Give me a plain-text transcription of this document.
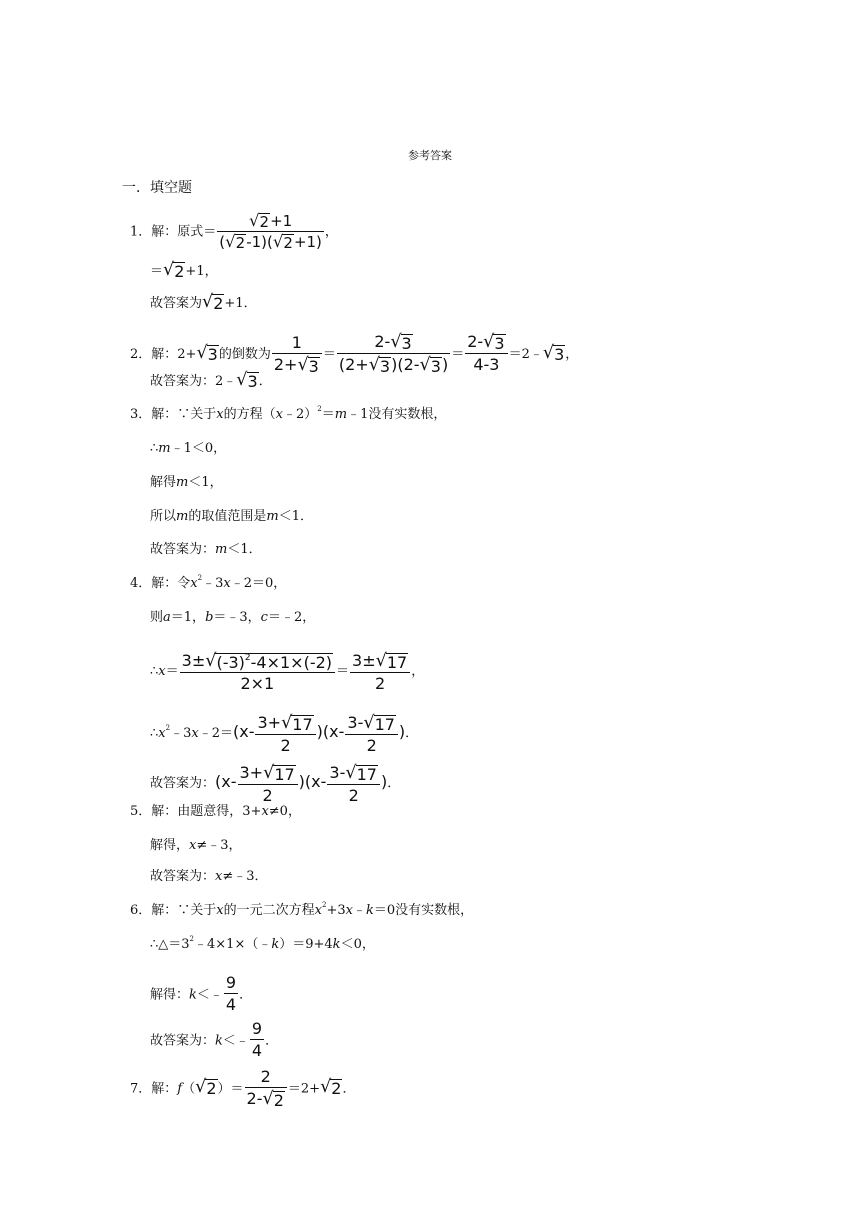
参考答案
一．填空题
1．解：原式＝ $\frac{√ 2 +1}{( √ 2 -1)( √ 2 +1)}$ ，
＝ √ 2 +1，
故答案为 √ 2 +1．
2．解：2+ √ 3 的倒数为 $\frac{1}{2+ √ 3} = \frac{2- √ 3}{(2+ √ 3 )(2- √ 3 )} = \frac{2- √ 3}{4-3}$ ＝2﹣ √ 3 ，
故答案为：2﹣ √ 3 ．
3．解：∵关于x的方程（x﹣2）$^2$＝m﹣1没有实数根，
∴m﹣1＜0，
解得m＜1，
所以m的取值范围是m＜1．
故答案为：m＜1．
4．解：令$x^2﹣3x﹣2=0$，
则a＝1，b＝﹣3，c＝﹣2，
∴x＝ $\frac{3\pm √ (-3)^2-4\times 1\times(-2)}{2\times 1} = \frac{3\pm √ 17}{2}$ ，
$\therefore x^2﹣3x﹣2=(x- \frac{3+ √ 17}{2} )(x- \frac{3- √ 17}{2}$ )．
故答案为：$(x- \frac{3+ √ 17}{2} )(x- \frac{3- √ 17}{2}$ )．
5．解：由题意得，3+x≠0，
解得，x≠﹣3，
故答案为：x≠﹣3．
6．解：∵关于x的一元二次方程$x^2+3x﹣k=0$没有实数根，
$\therefore\triangle=3^2﹣4\times 1\times(﹣k)=9+4k<0$，
解得：k＜﹣ $\frac{9}{4}$ ．
故答案为：k＜﹣ $\frac{9}{4}$ ．
7．解：f（ √ 2 ）＝ $\frac{2}{2- √ 2} =2+$ √ 2 ．
